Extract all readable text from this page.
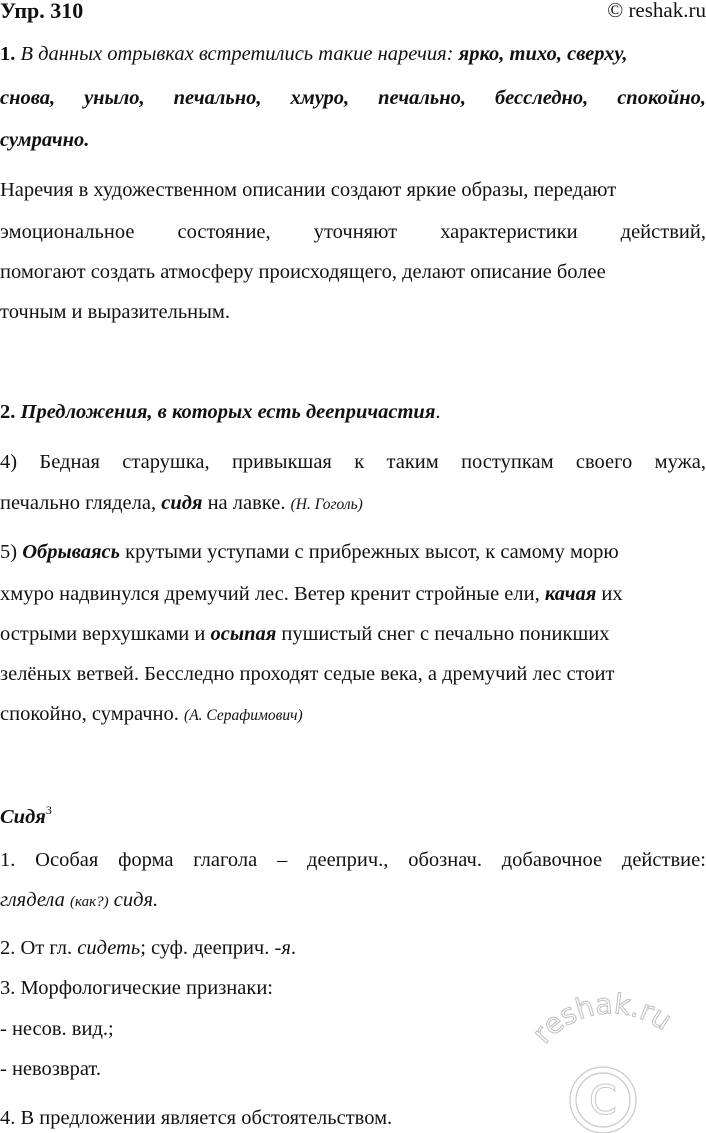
Упр. 310	© reshak.ru
1. В данных отрывках встретились такие наречия: ярко, тихо, сверху,
снова, уныло, печально, хмуро, печально, бесследно, спокойно,
сумрачно.
Наречия в художественном описании создают яркие образы, передают
эмоциональное состояние, уточняют характеристики действий,
помогают создать атмосферу происходящего, делают описание более
точным и выразительным.
2. Предложения, в которых есть деепричастия.
4) Бедная старушка, привыкшая к таким поступкам своего мужа,
печально глядела, сидя на лавке. (Н. Гоголь)
5) Обрываясь крутыми уступами с прибрежных высот, к самому морю
хмуро надвинулся дремучий лес. Ветер кренит стройные ели, качая их
острыми верхушками и осыпая пушистый снег с печально поникших
зелёных ветвей. Бесследно проходят седые века, а дремучий лес стоит
спокойно, сумрачно. (А. Серафимович)
Сидя$^3$
1. Особая форма глагола – дееприч., обознач. добавочное действие:
глядела (как?) сидя.
2. От гл. сидеть; суф. дееприч. -я.
3. Морфологические признаки:
- несов. вид.;
- невозврат.
4. В предложении является обстоятельством.	C
reshak.ru
